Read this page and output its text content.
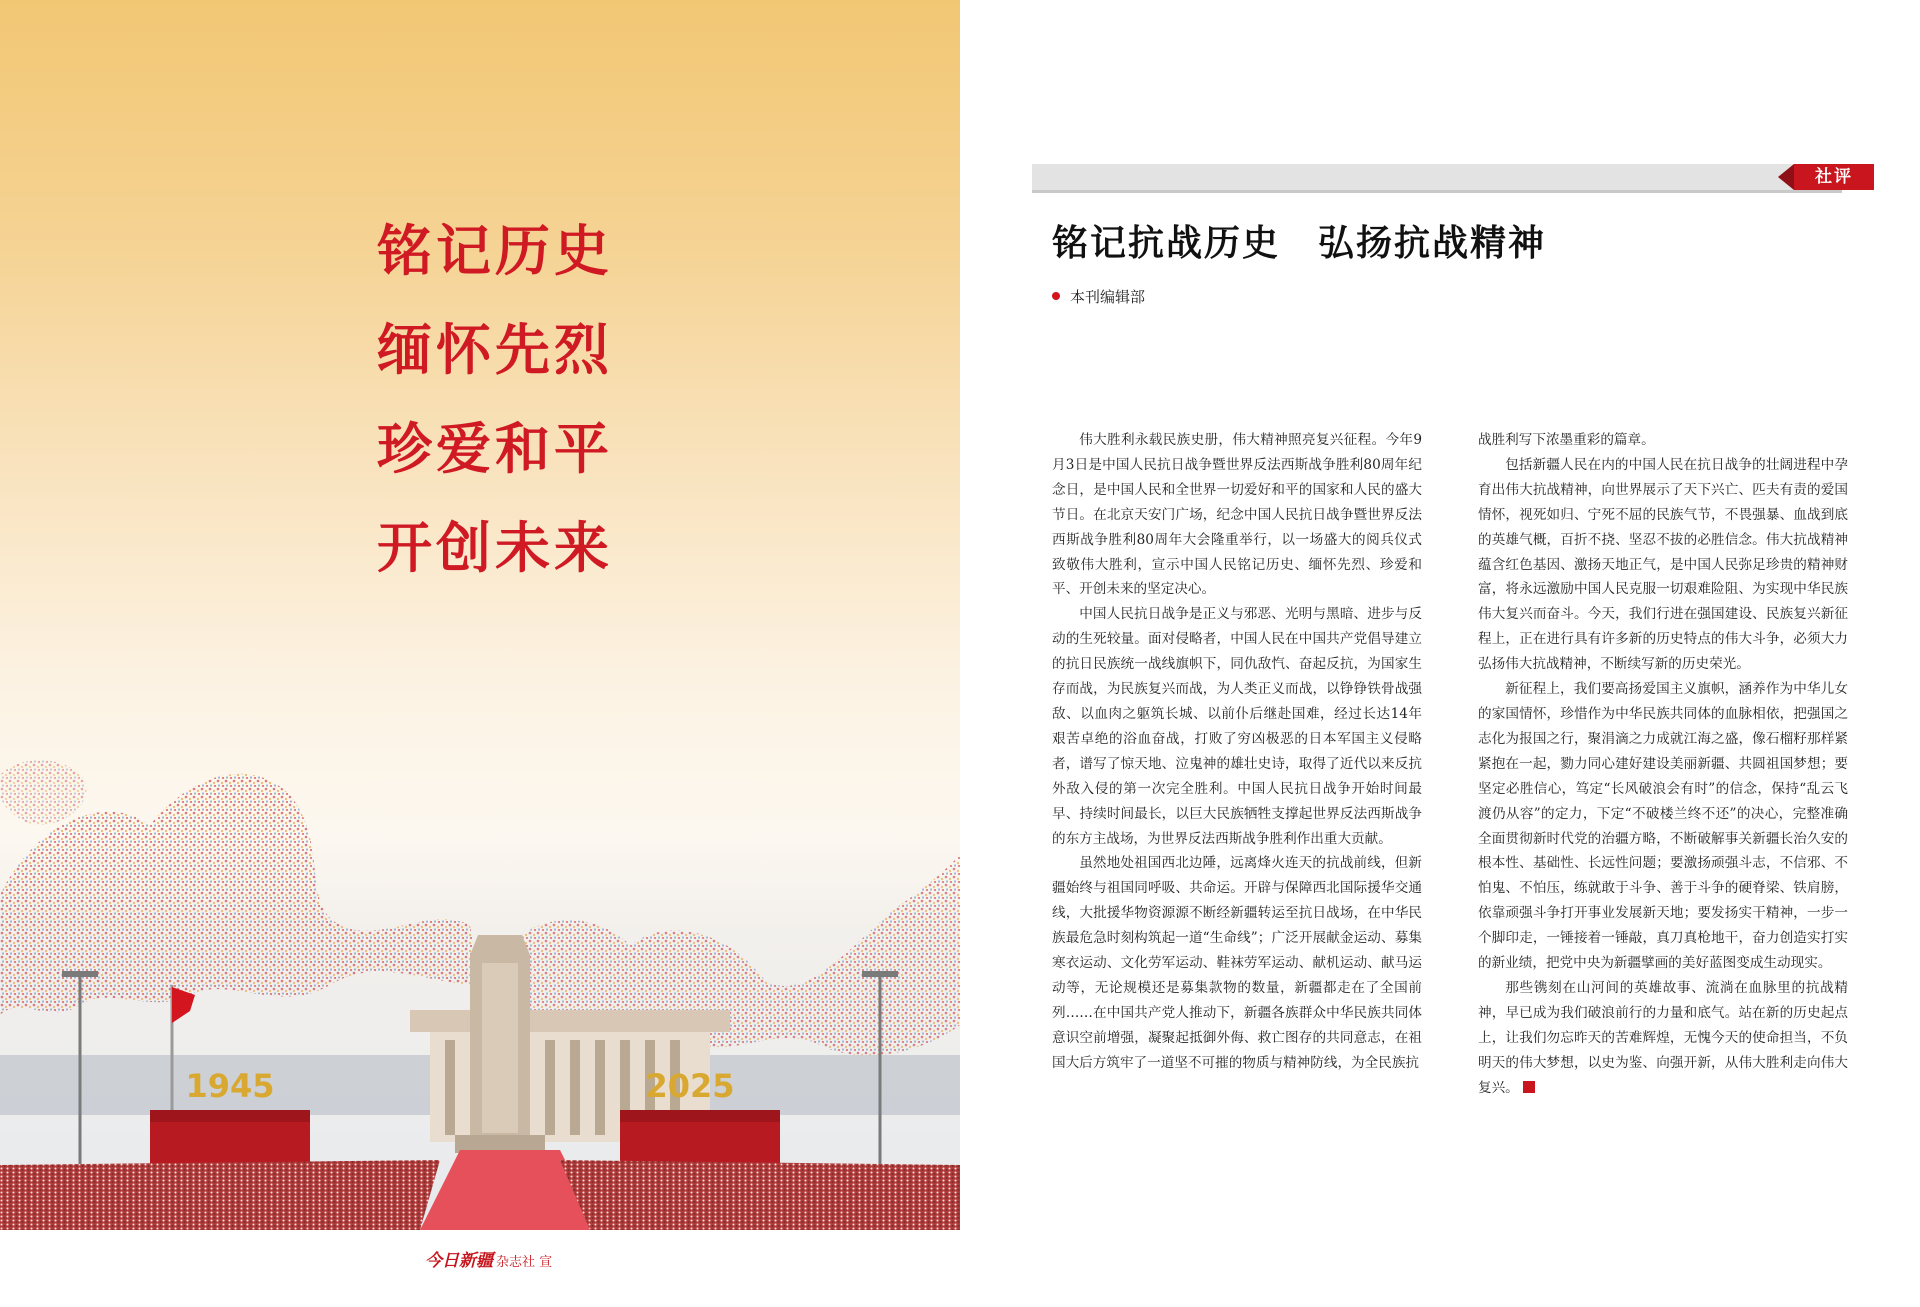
铭记历史
缅怀先烈
珍爱和平
开创未来
1945	2025
今日新疆 杂志社 宣
社评
铭记抗战历史　弘扬抗战精神
本刊编辑部

伟大胜利永载民族史册，伟大精神照亮复兴征程。今年9月3日是中国人民抗日战争暨世界反法西斯战争胜利80周年纪念日，是中国人民和全世界一切爱好和平的国家和人民的盛大节日。在北京天安门广场，纪念中国人民抗日战争暨世界反法西斯战争胜利80周年大会隆重举行，以一场盛大的阅兵仪式致敬伟大胜利，宣示中国人民铭记历史、缅怀先烈、珍爱和平、开创未来的坚定决心。

中国人民抗日战争是正义与邪恶、光明与黑暗、进步与反动的生死较量。面对侵略者，中国人民在中国共产党倡导建立的抗日民族统一战线旗帜下，同仇敌忾、奋起反抗，为国家生存而战，为民族复兴而战，为人类正义而战，以铮铮铁骨战强敌、以血肉之躯筑长城、以前仆后继赴国难，经过长达14年艰苦卓绝的浴血奋战，打败了穷凶极恶的日本军国主义侵略者，谱写了惊天地、泣鬼神的雄壮史诗，取得了近代以来反抗外敌入侵的第一次完全胜利。中国人民抗日战争开始时间最早、持续时间最长，以巨大民族牺牲支撑起世界反法西斯战争的东方主战场，为世界反法西斯战争胜利作出重大贡献。

虽然地处祖国西北边陲，远离烽火连天的抗战前线，但新疆始终与祖国同呼吸、共命运。开辟与保障西北国际援华交通线，大批援华物资源源不断经新疆转运至抗日战场，在中华民族最危急时刻构筑起一道“生命线”；广泛开展献金运动、募集寒衣运动、文化劳军运动、鞋袜劳军运动、献机运动、献马运动等，无论规模还是募集款物的数量，新疆都走在了全国前列……在中国共产党人推动下，新疆各族群众中华民族共同体意识空前增强，凝聚起抵御外侮、救亡图存的共同意志，在祖国大后方筑牢了一道坚不可摧的物质与精神防线，为全民族抗

战胜利写下浓墨重彩的篇章。

包括新疆人民在内的中国人民在抗日战争的壮阔进程中孕育出伟大抗战精神，向世界展示了天下兴亡、匹夫有责的爱国情怀，视死如归、宁死不屈的民族气节，不畏强暴、血战到底的英雄气概，百折不挠、坚忍不拔的必胜信念。伟大抗战精神蕴含红色基因、激扬天地正气，是中国人民弥足珍贵的精神财富，将永远激励中国人民克服一切艰难险阻、为实现中华民族伟大复兴而奋斗。今天，我们行进在强国建设、民族复兴新征程上，正在进行具有许多新的历史特点的伟大斗争，必须大力弘扬伟大抗战精神，不断续写新的历史荣光。

新征程上，我们要高扬爱国主义旗帜，涵养作为中华儿女的家国情怀，珍惜作为中华民族共同体的血脉相依，把强国之志化为报国之行，聚涓滴之力成就江海之盛，像石榴籽那样紧紧抱在一起，勠力同心建好建设美丽新疆、共圆祖国梦想；要坚定必胜信心，笃定“长风破浪会有时”的信念，保持“乱云飞渡仍从容”的定力，下定“不破楼兰终不还”的决心，完整准确全面贯彻新时代党的治疆方略，不断破解事关新疆长治久安的根本性、基础性、长远性问题；要激扬顽强斗志，不信邪、不怕鬼、不怕压，练就敢于斗争、善于斗争的硬脊梁、铁肩膀，依靠顽强斗争打开事业发展新天地；要发扬实干精神，一步一个脚印走，一锤接着一锤敲，真刀真枪地干，奋力创造实打实的新业绩，把党中央为新疆擘画的美好蓝图变成生动现实。

那些镌刻在山河间的英雄故事、流淌在血脉里的抗战精神，早已成为我们破浪前行的力量和底气。站在新的历史起点上，让我们勿忘昨天的苦难辉煌，无愧今天的使命担当，不负明天的伟大梦想，以史为鉴、向强开新，从伟大胜利走向伟大复兴。
